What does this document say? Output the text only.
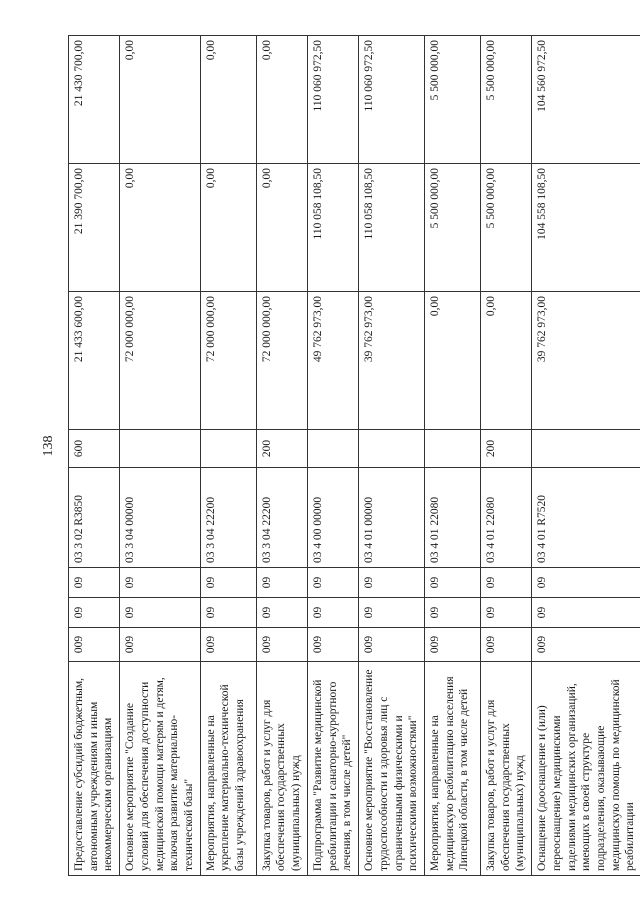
138
Предоставление субсидий бюджетным, автономным учреждениям и иным некоммерческим организациям	009	09	09	03 3 02 R3850	600	21 433 600,00	21 390 700,00	21 430 700,00
Основное мероприятие "Создание условий для обеспечения доступности медицинской помощи матерям и детям, включая развитие материально-технической базы"	009	09	09	03 3 04 00000		72 000 000,00	0,00	0,00
Мероприятия, направленные на укрепление материально-технической базы учреждений здравоохранения	009	09	09	03 3 04 22200		72 000 000,00	0,00	0,00
Закупка товаров, работ и услуг для обеспечения государственных (муниципальных) нужд	009	09	09	03 3 04 22200	200	72 000 000,00	0,00	0,00
Подпрограмма "Развитие медицинской реабилитации и санаторно-курортного лечения, в том числе детей"	009	09	09	03 4 00 00000		49 762 973,00	110 058 108,50	110 060 972,50
Основное мероприятие "Восстановление трудоспособности и здоровья лиц с ограниченными физическими и психическими возможностями"	009	09	09	03 4 01 00000		39 762 973,00	110 058 108,50	110 060 972,50
Мероприятия, направленные на медицинскую реабилитацию населения Липецкой области, в том числе детей	009	09	09	03 4 01 22080		0,00	5 500 000,00	5 500 000,00
Закупка товаров, работ и услуг для обеспечения государственных (муниципальных) нужд	009	09	09	03 4 01 22080	200	0,00	5 500 000,00	5 500 000,00
Оснащение (дооснащение и (или) переоснащение) медицинскими изделиями медицинских организаций, имеющих в своей структуре подразделения, оказывающие медицинскую помощь по медицинской реабилитации	009	09	09	03 4 01 R7520		39 762 973,00	104 558 108,50	104 560 972,50
